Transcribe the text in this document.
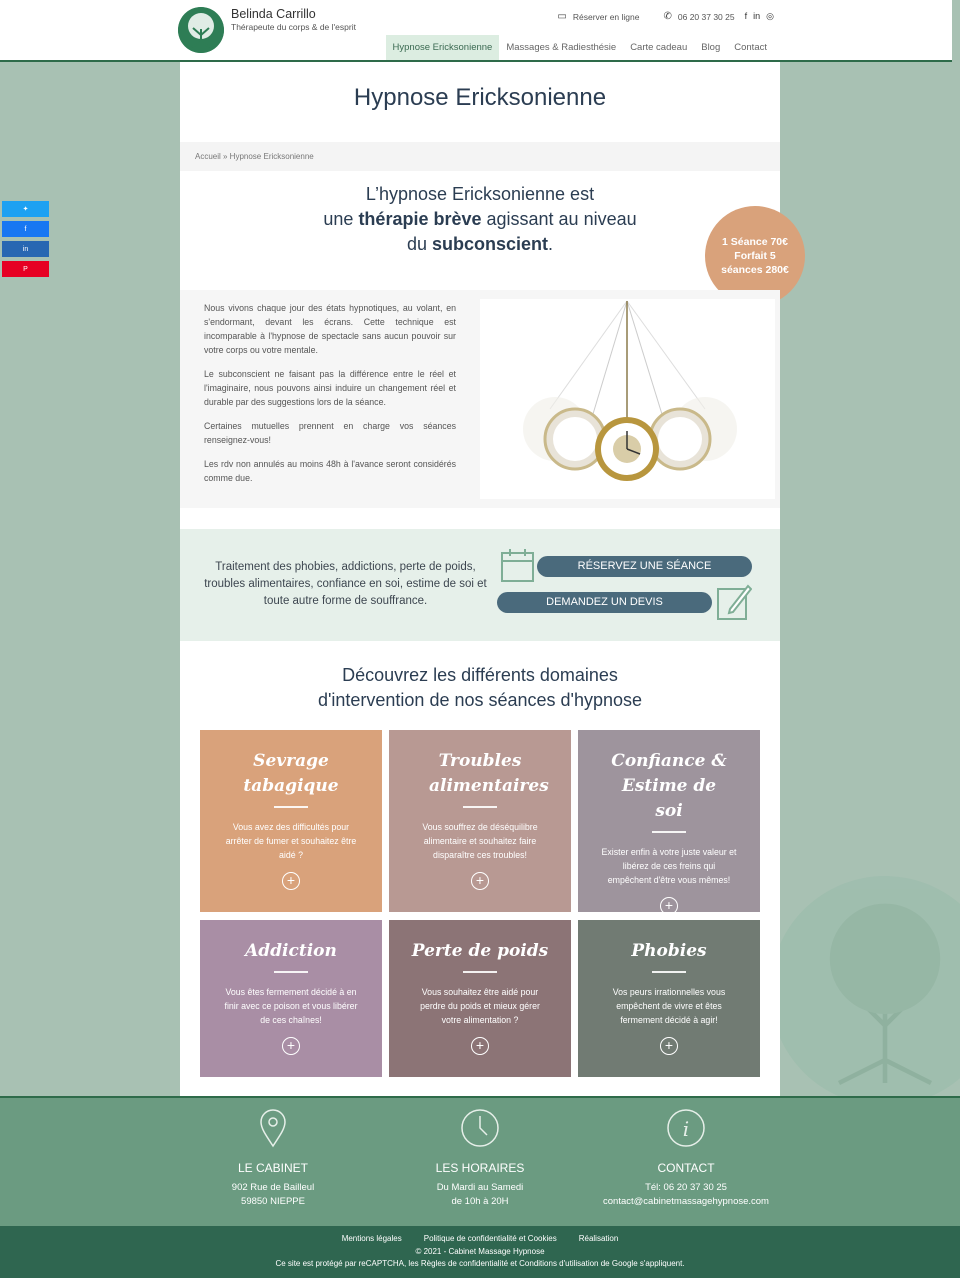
Belinda Carrillo
Thérapeute du corps & de l'esprit
▭ Réserver en ligne ✆ 06 20 37 30 25 f in ◎
Hypnose Ericksonienne	Massages & Radiesthésie	Carte cadeau	Blog	Contact
✦
f
in
P
Hypnose Ericksonienne
Accueil » Hypnose Ericksonienne
L’hypnose Ericksonienne est
une thérapie brève agissant au niveau
du subconscient.	1 Séance 70€ Forfait 5 séances 280€

Nous vivons chaque jour des états hypnotiques, au volant, en s'endormant, devant les écrans. Cette technique est incomparable à l'hypnose de spectacle sans aucun pouvoir sur votre corps ou votre mentale.

Le subconscient ne faisant pas la différence entre le réel et l'imaginaire, nous pouvons ainsi induire un changement réel et durable par des suggestions lors de la séance.

Certaines mutuelles prennent en charge vos séances renseignez-vous!

Les rdv non annulés au moins 48h à l'avance seront considérés comme due.

Traitement des phobies, addictions, perte de poids, troubles alimentaires, confiance en soi, estime de soi et toute autre forme de souffrance.
RÉSERVEZ UNE SÉANCE
DEMANDEZ UN DEVIS
Découvrez les différents domaines
d'intervention de nos séances d'hypnose
Sevrage tabagique
Vous avez des difficultés pour arrêter de fumer et souhaitez être aidé ?
+
Troubles alimentaires
Vous souffrez de déséquilibre alimentaire et souhaitez faire disparaître ces troubles!
+
Confiance & Estime de soi
Exister enfin à votre juste valeur et libérez de ces freins qui empêchent d'être vous mêmes!
+
Addiction
Vous êtes fermement décidé à en finir avec ce poison et vous libérer de ces chaînes!
+
Perte de poids
Vous souhaitez être aidé pour perdre du poids et mieux gérer votre alimentation ?
+
Phobies
Vos peurs irrationnelles vous empêchent de vivre et êtes fermement décidé à agir!
+
LE CABINET
902 Rue de Bailleul
59850 NIEPPE
LES HORAIRES
Du Mardi au Samedi
de 10h à 20H
i
CONTACT
Tél: 06 20 37 30 25
contact@cabinetmassagehypnose.com
Mentions légales	Politique de confidentialité et Cookies	Réalisation
© 2021 - Cabinet Massage Hypnose
Ce site est protégé par reCAPTCHA, les Règles de confidentialité et Conditions d'utilisation de Google s'appliquent.
